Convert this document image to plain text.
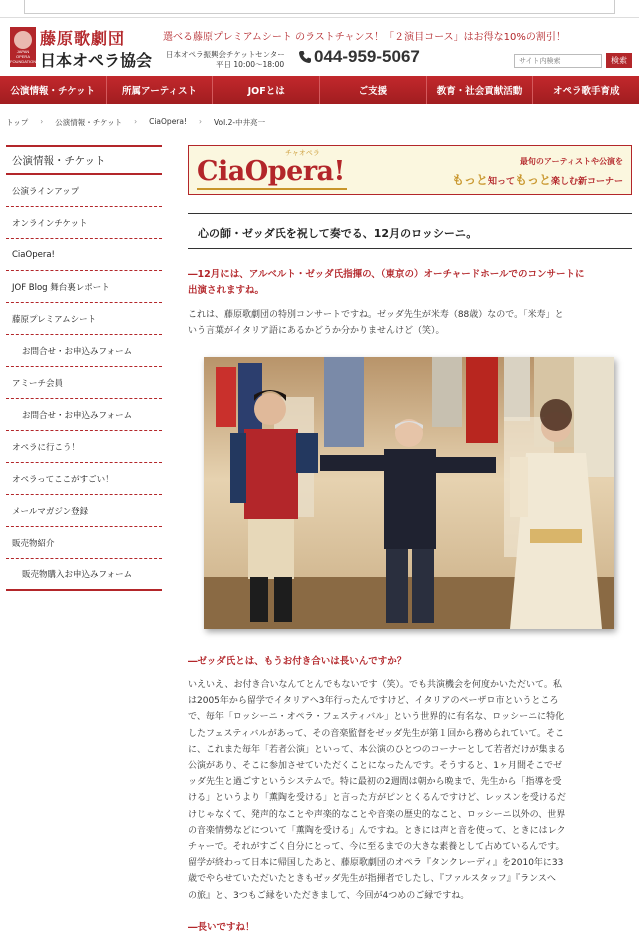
JAPAN OPERA FOUNDATION
藤原歌劇団
日本オペラ協会
選べる藤原プレミアムシート のラストチャンス！「２演目コース」はお得な10%の割引！
日本オペラ振興会チケットセンター
平日 10:00〜18:00 044-959-5067
サイト内検索	検索
公演情報・チケット	所属アーティスト	JOFとは	ご支援	教育・社会貢献活動	オペラ歌手育成
トップ › 公演情報・チケット › CiaOpera! › Vol.2-中井亮一
公演情報・チケット
公演ラインアップ
オンラインチケット
CiaOpera!
JOF Blog 舞台裏レポート
藤原プレミアムシート
お問合せ・お申込みフォーム
アミーチ会員
お問合せ・お申込みフォーム
オペラに行こう！
オペラってここがすごい！
メールマガジン登録
販売物紹介
販売物購入お申込みフォーム
チャオペラ
CiaOpera!	最旬のアーティストや公演を
もっと知ってもっと楽しむ新コーナー
心の師・ゼッダ氏を祝して奏でる、12月のロッシーニ。
―12月には、アルベルト・ゼッダ氏指揮の、（東京の）オーチャードホールでのコンサートに
出演されますね。
これは、藤原歌劇団の特別コンサートですね。ゼッダ先生が米寿（88歳）なので。「米寿」と
いう言葉がイタリア語にあるかどうか分かりませんけど（笑）。
―ゼッダ氏とは、もうお付き合いは長いんですか？
いえいえ、お付き合いなんてとんでもないです（笑）。でも共演機会を何度かいただいて。私
は2005年から留学でイタリアへ3年行ったんですけど、イタリアのペーザロ市というところ
で、毎年「ロッシーニ・オペラ・フェスティバル」という世界的に有名な、ロッシーニに特化
したフェスティバルがあって、その音楽監督をゼッダ先生が第１回から務められていて。そこ
に、これまた毎年「若者公演」といって、本公演のひとつのコーナーとして若者だけが集まる
公演があり、そこに参加させていただくことになったんです。そうすると、1ヶ月間そこでゼ
ッダ先生と過ごすというシステムで。特に最初の2週間は朝から晩まで、先生から「指導を受
ける」というより「薫陶を受ける」と言った方がピンとくるんですけど、レッスンを受けるだ
けじゃなくて、発声的なことや声楽的なことや音楽の歴史的なこと、ロッシーニ以外の、世界
の音楽情勢などについて「薫陶を受ける」んですね。ときには声と音を使って、ときにはレク
チャーで。それがすごく自分にとって、今に至るまでの大きな素養として占めているんです。
留学が終わって日本に帰国したあと、藤原歌劇団のオペラ『タンクレーディ』を2010年に33
歳でやらせていただいたときもゼッダ先生が指揮者でしたし、『ファルスタッフ』『ランスへ
の旅』と、3つもご縁をいただきまして、今回が4つめのご縁ですね。
―長いですね！
